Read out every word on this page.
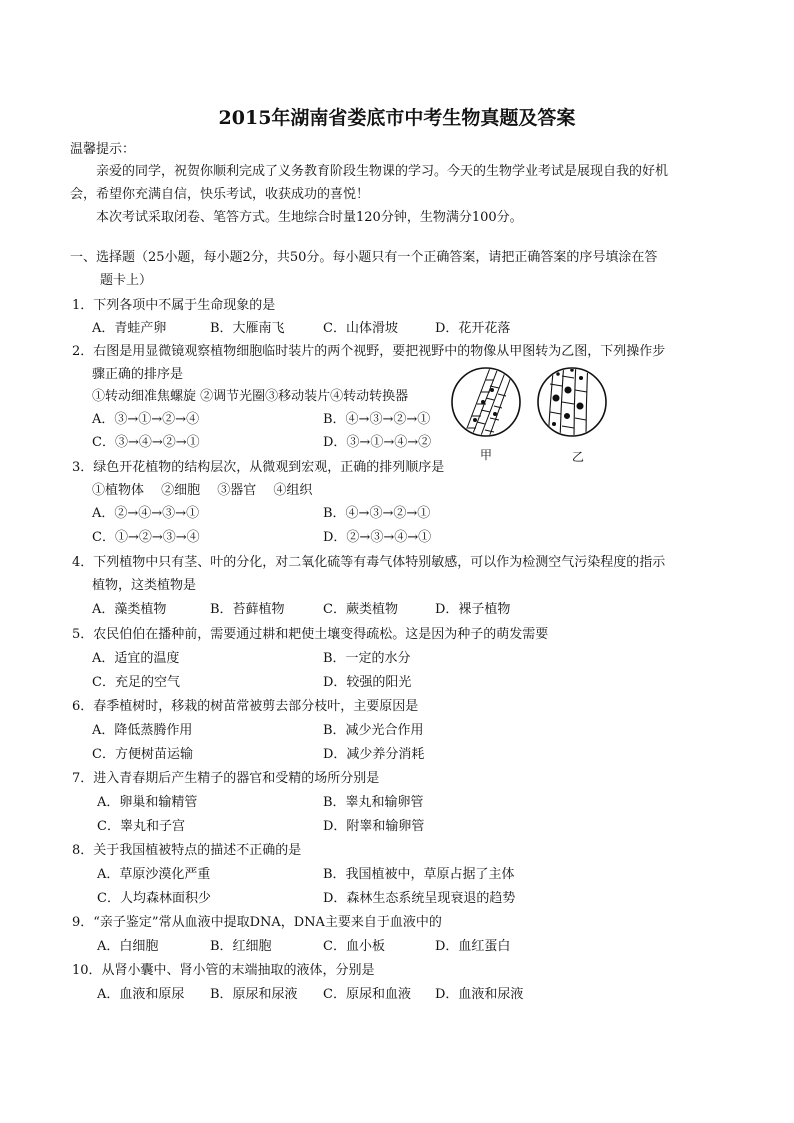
2015年湖南省娄底市中考生物真题及答案
温馨提示：
亲爱的同学，祝贺你顺利完成了义务教育阶段生物课的学习。今天的生物学业考试是展现自我的好机
会，希望你充满自信，快乐考试，收获成功的喜悦！
本次考试采取闭卷、笔答方式。生地综合时量120分钟，生物满分100分。
一、选择题（25小题，每小题2分，共50分。每小题只有一个正确答案，请把正确答案的序号填涂在答
题卡上）
1．下列各项中不属于生命现象的是
A．青蛙产卵	B．大雁南飞	C．山体滑坡	D．花开花落
2．右图是用显微镜观察植物细胞临时装片的两个视野，要把视野中的物像从甲图转为乙图，下列操作步
骤正确的排序是
①转动细准焦螺旋 ②调节光圈③移动装片④转动转换器
A．③→①→②→④	B．④→③→②→①
C．③→④→②→①	D．③→①→④→②
甲	乙
3．绿色开花植物的结构层次，从微观到宏观，正确的排列顺序是
①植物体　 ②细胞　 ③器官　 ④组织
A．②→④→③→①	B．④→③→②→①
C．①→②→③→④	D．②→③→④→①
4．下列植物中只有茎、叶的分化，对二氧化硫等有毒气体特别敏感，可以作为检测空气污染程度的指示
植物，这类植物是
A．藻类植物	B．苔藓植物	C．蕨类植物	D．裸子植物
5．农民伯伯在播种前，需要通过耕和耙使土壤变得疏松。这是因为种子的萌发需要
A．适宜的温度	B．一定的水分
C．充足的空气	D．较强的阳光
6．春季植树时，移栽的树苗常被剪去部分枝叶，主要原因是
A．降低蒸腾作用	B．减少光合作用
C．方便树苗运输	D．减少养分消耗
7．进入青春期后产生精子的器官和受精的场所分别是
A．卵巢和输精管	B．睾丸和输卵管
C．睾丸和子宫	D．附睾和输卵管
8．关于我国植被特点的描述不正确的是
A．草原沙漠化严重	B．我国植被中，草原占据了主体
C．人均森林面积少	D．森林生态系统呈现衰退的趋势
9．“亲子鉴定”常从血液中提取DNA，DNA主要来自于血液中的
A．白细胞	B．红细胞	C．血小板	D．血红蛋白
10．从肾小囊中、肾小管的末端抽取的液体，分别是
A．血液和原尿 B．原尿和尿液 C．原尿和血液 D．血液和尿液
